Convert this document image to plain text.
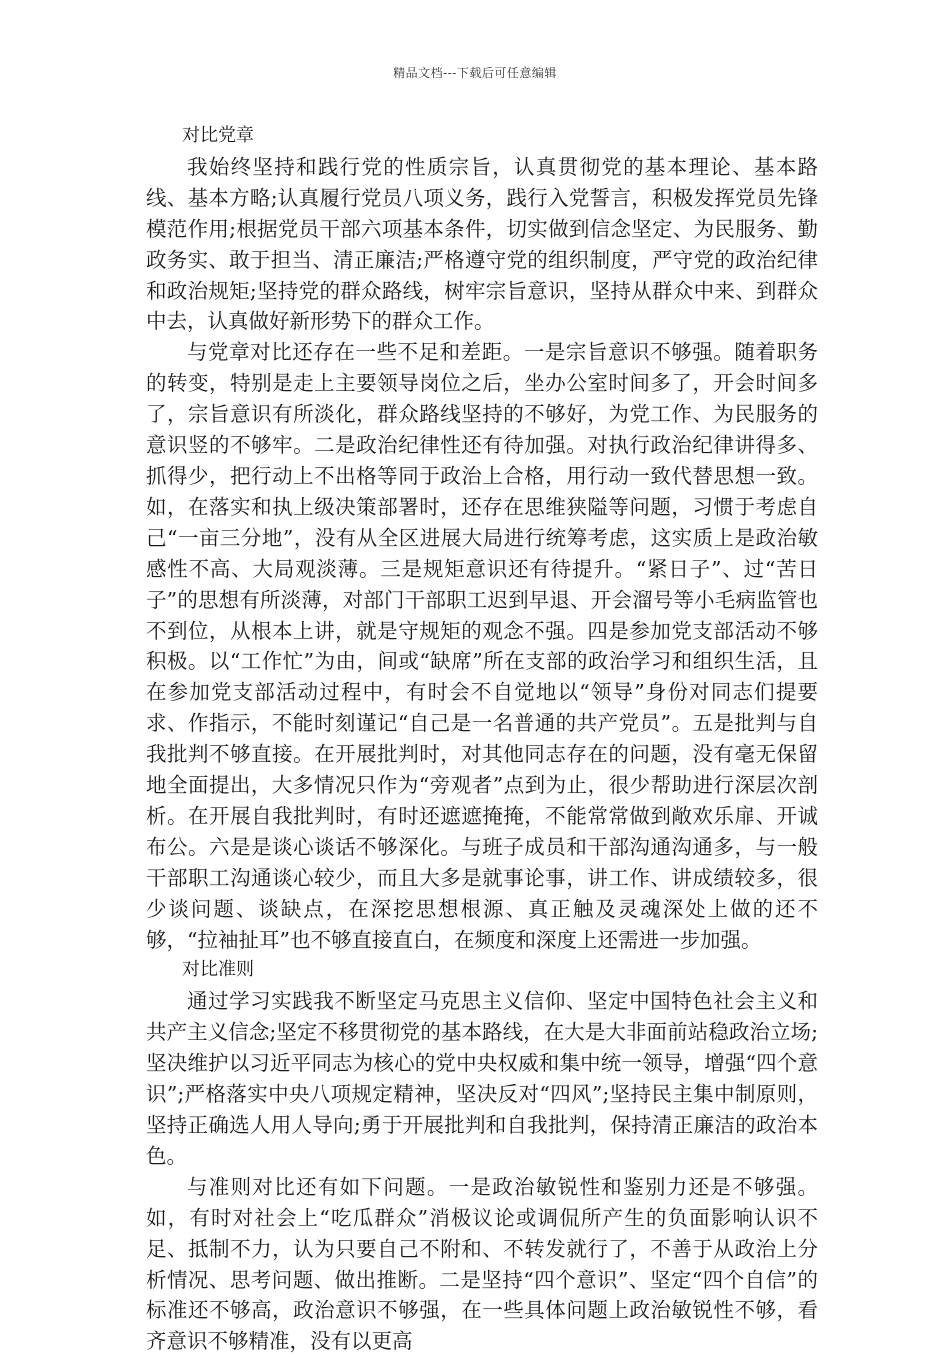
精品文档---下载后可任意编辑

对比党章

我始终坚持和践行党的性质宗旨，认真贯彻党的基本理论、基本路线、基本方略;认真履行党员八项义务，践行入党誓言，积极发挥党员先锋模范作用;根据党员干部六项基本条件，切实做到信念坚定、为民服务、勤政务实、敢于担当、清正廉洁;严格遵守党的组织制度，严守党的政治纪律和政治规矩;坚持党的群众路线，树牢宗旨意识，坚持从群众中来、到群众中去，认真做好新形势下的群众工作。

与党章对比还存在一些不足和差距。一是宗旨意识不够强。随着职务的转变，特别是走上主要领导岗位之后，坐办公室时间多了，开会时间多了，宗旨意识有所淡化，群众路线坚持的不够好，为党工作、为民服务的意识竖的不够牢。二是政治纪律性还有待加强。对执行政治纪律讲得多、抓得少，把行动上不出格等同于政治上合格，用行动一致代替思想一致。如，在落实和执上级决策部署时，还存在思维狭隘等问题，习惯于考虑自己“一亩三分地”，没有从全区进展大局进行统筹考虑，这实质上是政治敏感性不高、大局观淡薄。三是规矩意识还有待提升。“紧日子”、过“苦日子”的思想有所淡薄，对部门干部职工迟到早退、开会溜号等小毛病监管也不到位，从根本上讲，就是守规矩的观念不强。四是参加党支部活动不够积极。以“工作忙”为由，间或“缺席”所在支部的政治学习和组织生活，且在参加党支部活动过程中，有时会不自觉地以“领导”身份对同志们提要求、作指示，不能时刻谨记“自己是一名普通的共产党员”。五是批判与自我批判不够直接。在开展批判时，对其他同志存在的问题，没有毫无保留地全面提出，大多情况只作为“旁观者”点到为止，很少帮助进行深层次剖析。在开展自我批判时，有时还遮遮掩掩，不能常常做到敞欢乐扉、开诚布公。六是是谈心谈话不够深化。与班子成员和干部沟通沟通多，与一般干部职工沟通谈心较少，而且大多是就事论事，讲工作、讲成绩较多，很少谈问题、谈缺点，在深挖思想根源、真正触及灵魂深处上做的还不够，“拉袖扯耳”也不够直接直白，在频度和深度上还需进一步加强。

对比准则

通过学习实践我不断坚定马克思主义信仰、坚定中国特色社会主义和共产主义信念;坚定不移贯彻党的基本路线，在大是大非面前站稳政治立场;坚决维护以习近平同志为核心的党中央权威和集中统一领导，增强“四个意识”;严格落实中央八项规定精神，坚决反对“四风”;坚持民主集中制原则，坚持正确选人用人导向;勇于开展批判和自我批判，保持清正廉洁的政治本色。

与准则对比还有如下问题。一是政治敏锐性和鉴别力还是不够强。如，有时对社会上“吃瓜群众”消极议论或调侃所产生的负面影响认识不足、抵制不力，认为只要自己不附和、不转发就行了，不善于从政治上分析情况、思考问题、做出推断。二是坚持“四个意识”、坚定“四个自信”的标准还不够高，政治意识不够强，在一些具体问题上政治敏锐性不够，看齐意识不够精准，没有以更高
